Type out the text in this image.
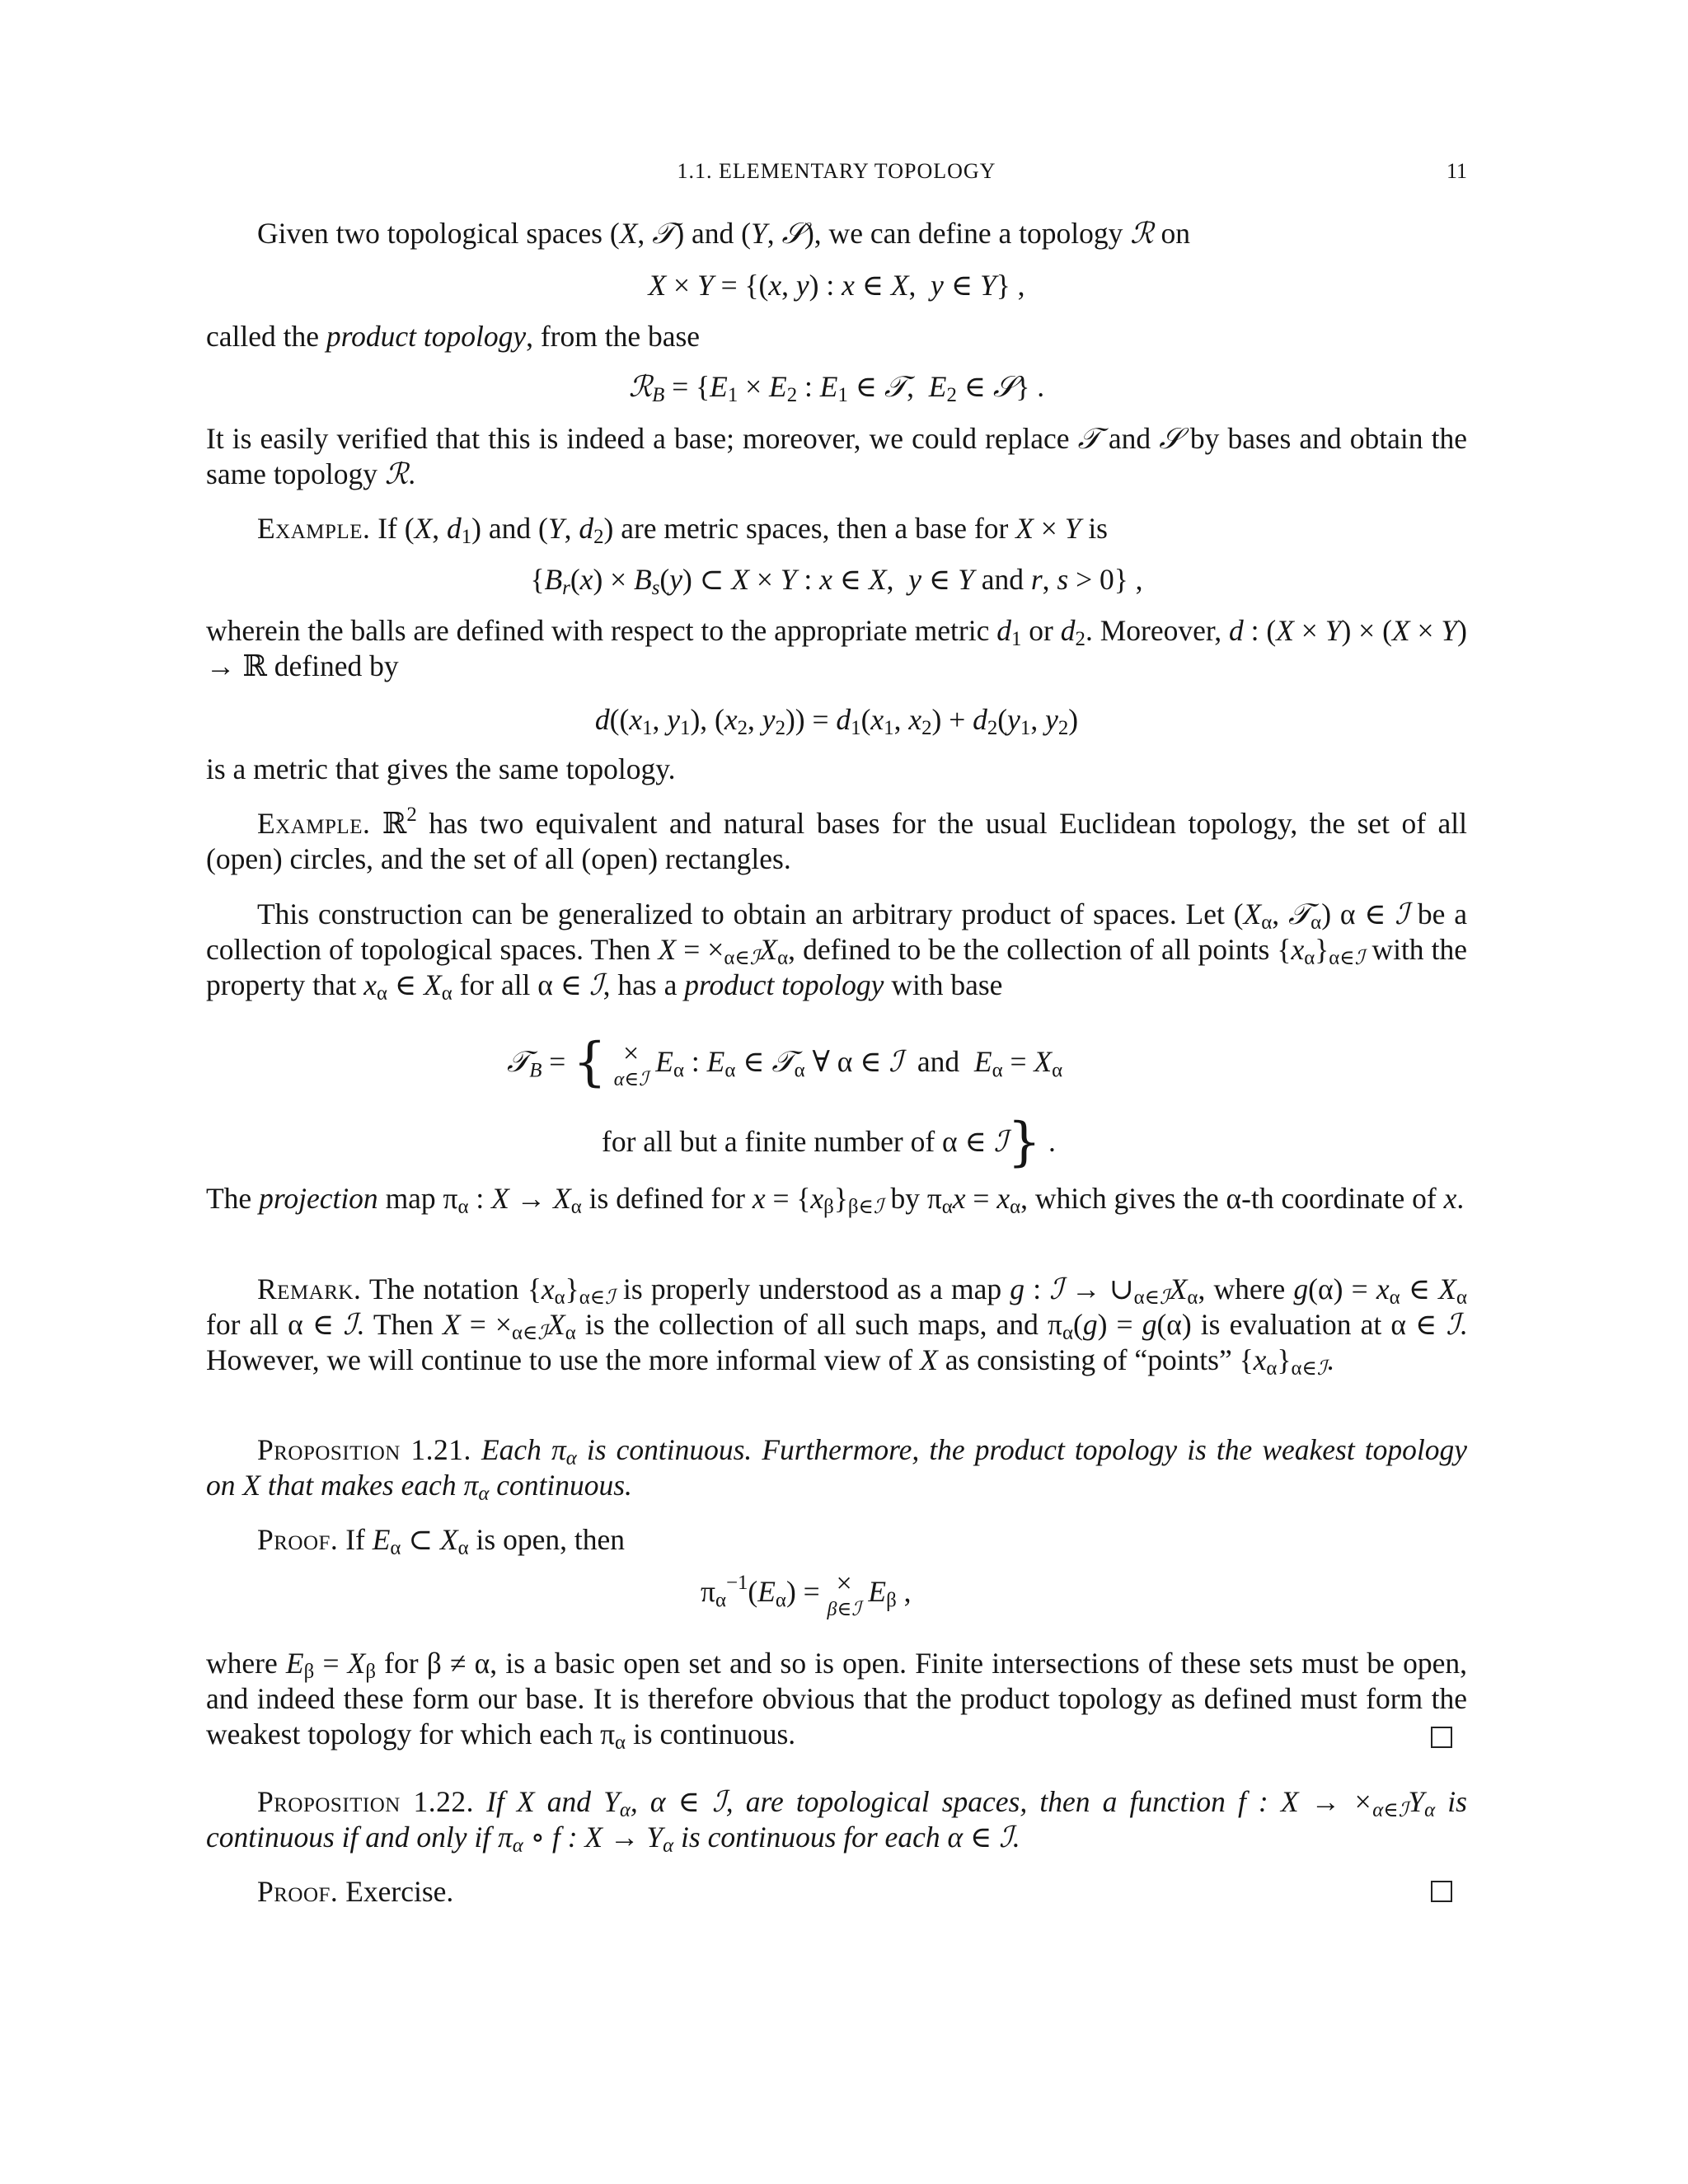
1.1. ELEMENTARY TOPOLOGY	11
Given two topological spaces (X, 𝒯) and (Y, 𝒮), we can define a topology ℛ on
X × Y = {(x, y) : x ∈ X,  y ∈ Y} ,
called the product topology, from the base
ℛ$_B$ = {$E_1 \times E_2$ : $E_1$ ∈ 𝒯,  $E_2$ ∈ 𝒮} .
It is easily verified that this is indeed a base; moreover, we could replace 𝒯 and 𝒮 by bases and obtain the same topology ℛ.
Example. If (X, $d_1$) and (Y, $d_2$) are metric spaces, then a base for X × Y is
{$B_r(x) \times B_s(y)$ ⊂ X × Y : x ∈ X,  y ∈ Y and r, s > 0} ,
wherein the balls are defined with respect to the appropriate metric $d_1$ or $d_2$. Moreover, d : (X × Y) × (X × Y) → ℝ defined by
$d((x_1$, $y_1$), ($x_2$, $y_2)) = d_1(x_1$, $x_2) + d_2(y_1$, $y_2$)
is a metric that gives the same topology.
Example. ℝ$^2$ has two equivalent and natural bases for the usual Euclidean topology, the set of all (open) circles, and the set of all (open) rectangles.
This construction can be generalized to obtain an arbitrary product of spaces. Let ($X_\alpha$, 𝒯$_\alpha$) α ∈ ℐ be a collection of topological spaces. Then $X = \times_{\alpha\in ℐ}X_\alpha$, defined to be the collection of all points $\{x_\alpha\}_{\alpha\in ℐ}$ with the property that $x_\alpha$ ∈ $X_\alpha$ for all α ∈ ℐ, has a product topology with base
𝒯$_B$ = { ×
α∈ℐ
$E_\alpha$ : $E_\alpha$ ∈ 𝒯$_\alpha$ ∀ α ∈ ℐ  and  $E_\alpha = X_\alpha$
for all but a finite number of α ∈ ℐ} .
The projection map $\pi_\alpha$ : $X \to X_\alpha$ is defined for $x = \{x_\beta\}_{\beta\in ℐ}$ by $\pi_\alpha x = x_\alpha$, which gives the α-th coordinate of x.
Remark. The notation $\{x_\alpha\}_{\alpha\in ℐ}$ is properly understood as a map g : ℐ → $\cup_{\alpha\in ℐ}X_\alpha$, where $g(\alpha) = x_\alpha$ ∈ $X_\alpha$ for all α ∈ ℐ. Then $X = \times_{\alpha\in ℐ}X_\alpha$ is the collection of all such maps, and $\pi_\alpha(g) = g(\alpha)$ is evaluation at α ∈ ℐ. However, we will continue to use the more informal view of X as consisting of “points” $\{x_\alpha\}_{\alpha\in ℐ}$.
Proposition 1.21. Each $\pi_\alpha$ is continuous. Furthermore, the product topology is the weakest topology on X that makes each $\pi_\alpha$ continuous.
Proof. If $E_\alpha$ ⊂ $X_\alpha$ is open, then
$\pi_\alpha^{-1}(E_\alpha)$ = ×
β∈ℐ
$E_\beta$ ,
where $E_\beta = X_\beta$ for β ≠ α, is a basic open set and so is open. Finite intersections of these sets must be open, and indeed these form our base. It is therefore obvious that the product topology as defined must form the weakest topology for which each $\pi_\alpha$ is continuous.
Proposition 1.22. If X and $Y_\alpha$, α ∈ ℐ, are topological spaces, then a function f : $X \to \times_{\alpha\in ℐ}Y_\alpha$ is continuous if and only if $\pi_\alpha$ ∘ f : $X \to Y_\alpha$ is continuous for each α ∈ ℐ.
Proof. Exercise.
